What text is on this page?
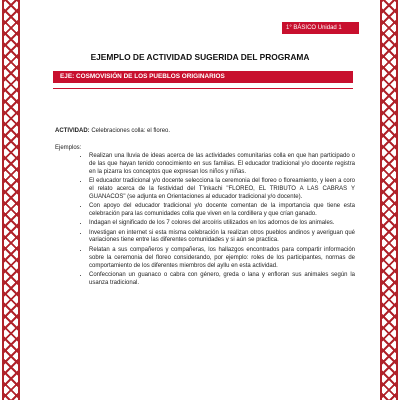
1° BÁSICO Unidad 1
EJEMPLO DE ACTIVIDAD SUGERIDA DEL PROGRAMA
EJE: COSMOVISIÓN DE LOS PUEBLOS ORIGINARIOS

ACTIVIDAD: Celebraciones colla: el floreo.

Ejemplos:

• Realizan una lluvia de ideas acerca de las actividades comunitarias colla en que han participado o de las que hayan tenido conocimiento en sus familias. El educador tradicional y/o docente registra en la pizarra los conceptos que expresan los niños y niñas.
• El educador tradicional y/o docente selecciona la ceremonia del floreo o floreamiento, y leen a coro el relato acerca de la festividad del T'inkachi "FLOREO, EL TRIBUTO A LAS CABRAS Y GUANACOS" (se adjunta en Orientaciones al educador tradicional y/o docente).
• Con apoyo del educador tradicional y/o docente comentan de la importancia que tiene esta celebración para las comunidades colla que viven en la cordillera y que crían ganado.
• Indagan el significado de los 7 colores del arcoíris utilizados en los adornos de los animales.
• Investigan en internet si esta misma celebración la realizan otros pueblos andinos y averiguan qué variaciones tiene entre las diferentes comunidades y si aún se practica.
• Relatan a sus compañeros y compañeras, los hallazgos encontrados para compartir información sobre la ceremonia del floreo considerando, por ejemplo: roles de los participantes, normas de comportamiento de los diferentes miembros del ayllu en esta actividad.
• Confeccionan un guanaco o cabra con género, greda o lana y enfloran sus animales según la usanza tradicional.
